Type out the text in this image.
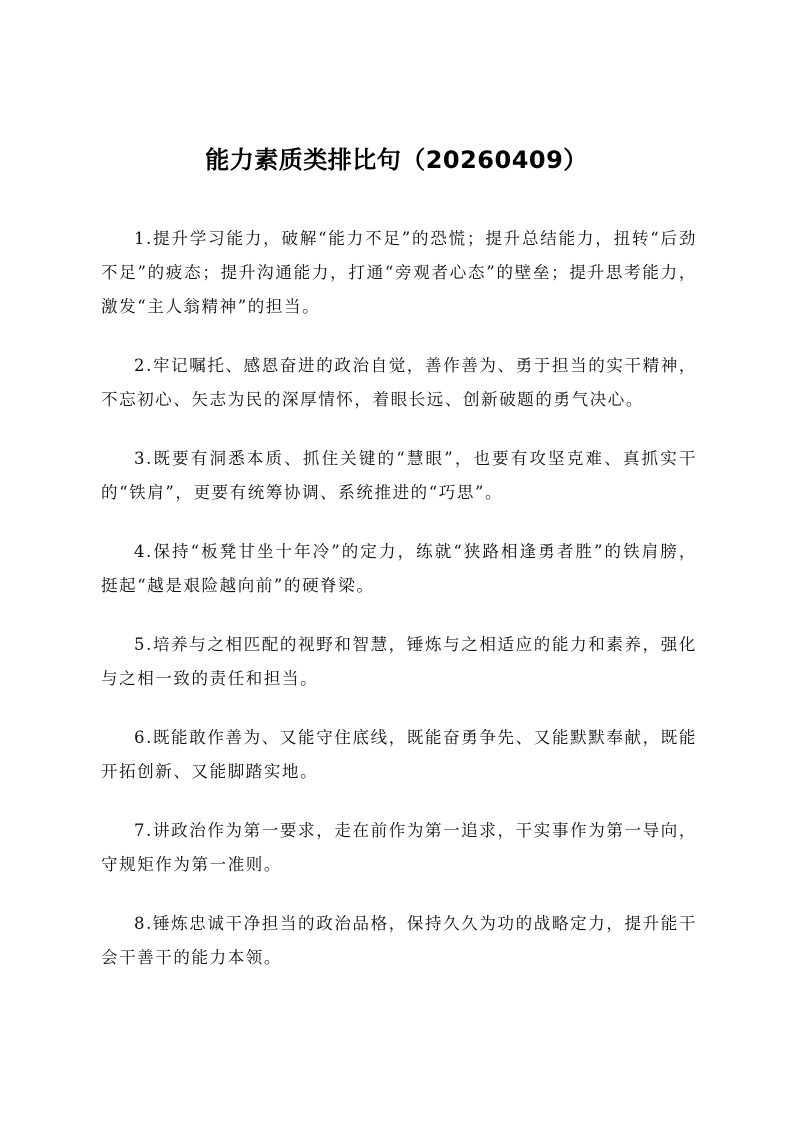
能力素质类排比句（20260409）

1.提升学习能力，破解“能力不足”的恐慌；提升总结能力，扭转“后劲不足”的疲态；提升沟通能力，打通“旁观者心态”的壁垒；提升思考能力，激发“主人翁精神”的担当。

2.牢记嘱托、感恩奋进的政治自觉，善作善为、勇于担当的实干精神，不忘初心、矢志为民的深厚情怀，着眼长远、创新破题的勇气决心。

3.既要有洞悉本质、抓住关键的“慧眼”，也要有攻坚克难、真抓实干的“铁肩”，更要有统筹协调、系统推进的“巧思”。

4.保持“板凳甘坐十年冷”的定力，练就“狭路相逢勇者胜”的铁肩膀，挺起“越是艰险越向前”的硬脊梁。

5.培养与之相匹配的视野和智慧，锤炼与之相适应的能力和素养，强化与之相一致的责任和担当。

6.既能敢作善为、又能守住底线，既能奋勇争先、又能默默奉献，既能开拓创新、又能脚踏实地。

7.讲政治作为第一要求，走在前作为第一追求，干实事作为第一导向，守规矩作为第一准则。

8.锤炼忠诚干净担当的政治品格，保持久久为功的战略定力，提升能干会干善干的能力本领。
